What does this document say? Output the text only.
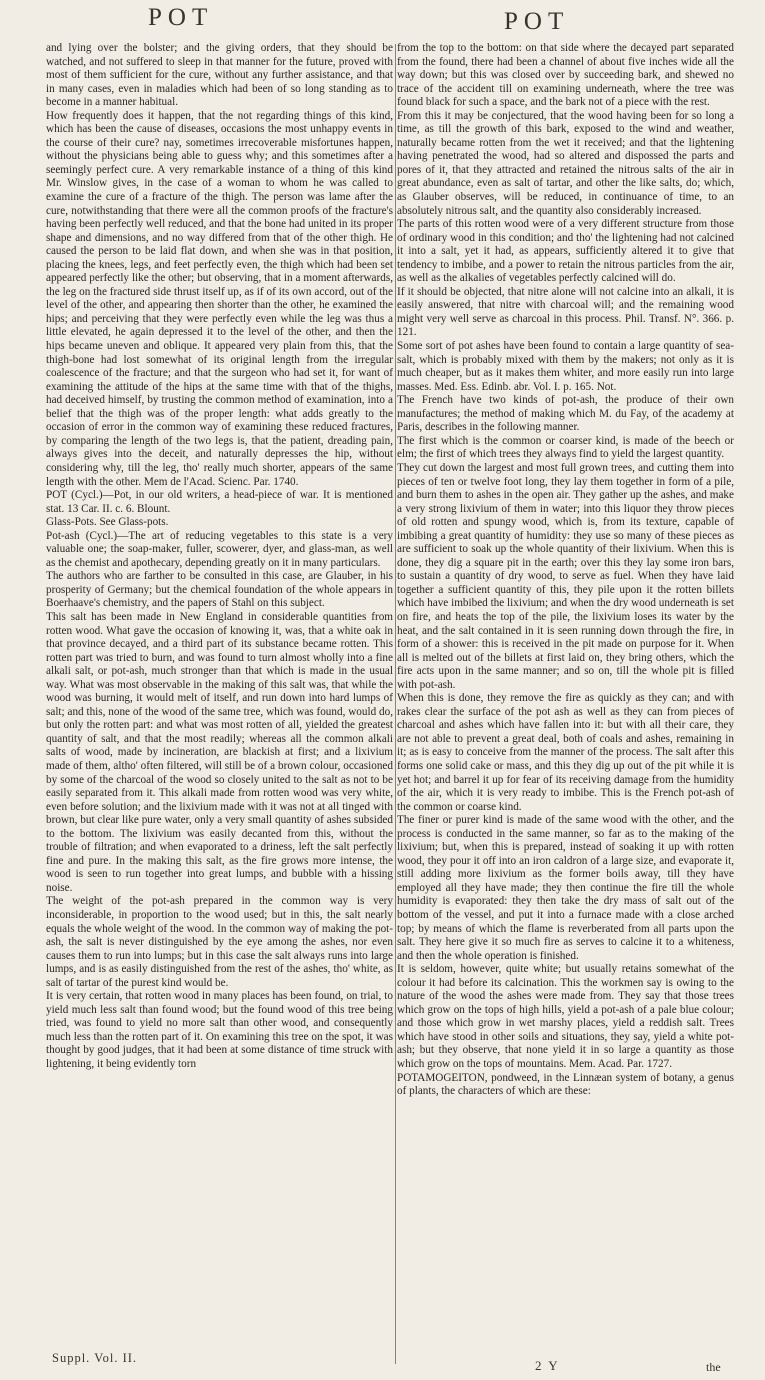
POT	POT

and lying over the bolster; and the giving orders, that they should be watched, and not suffered to sleep in that manner for the future, proved with most of them sufficient for the cure, without any further assistance, and that in many cases, even in maladies which had been of so long standing as to become in a manner habitual.

How frequently does it happen, that the not regarding things of this kind, which has been the cause of diseases, occasions the most unhappy events in the course of their cure? nay, sometimes irrecoverable misfortunes happen, without the physicians being able to guess why; and this sometimes after a seemingly perfect cure. A very remarkable instance of a thing of this kind Mr. Winslow gives, in the case of a woman to whom he was called to examine the cure of a fracture of the thigh. The person was lame after the cure, notwithstanding that there were all the common proofs of the fracture's having been perfectly well reduced, and that the bone had united in its proper shape and dimensions, and no way differed from that of the other thigh. He caused the person to be laid flat down, and when she was in that position, placing the knees, legs, and feet perfectly even, the thigh which had been set appeared perfectly like the other; but observing, that in a moment afterwards, the leg on the fractured side thrust itself up, as if of its own accord, out of the level of the other, and appearing then shorter than the other, he examined the hips; and perceiving that they were perfectly even while the leg was thus a little elevated, he again depressed it to the level of the other, and then the hips became uneven and oblique. It appeared very plain from this, that the thigh-bone had lost somewhat of its original length from the irregular coalescence of the fracture; and that the surgeon who had set it, for want of examining the attitude of the hips at the same time with that of the thighs, had deceived himself, by trusting the common method of examination, into a belief that the thigh was of the proper length: what adds greatly to the occasion of error in the common way of examining these reduced fractures, by comparing the length of the two legs is, that the patient, dreading pain, always gives into the deceit, and naturally depresses the hip, without considering why, till the leg, tho' really much shorter, appears of the same length with the other. Mem de l'Acad. Scienc. Par. 1740.

POT (Cycl.)—Pot, in our old writers, a head-piece of war. It is mentioned stat. 13 Car. II. c. 6. Blount.

Glass-Pots. See Glass-pots.

Pot-ash (Cycl.)—The art of reducing vegetables to this state is a very valuable one; the soap-maker, fuller, scowerer, dyer, and glass-man, as well as the chemist and apothecary, depending greatly on it in many particulars.

The authors who are farther to be consulted in this case, are Glauber, in his prosperity of Germany; but the chemical foundation of the whole appears in Boerhaave's chemistry, and the papers of Stahl on this subject.

This salt has been made in New England in considerable quantities from rotten wood. What gave the occasion of knowing it, was, that a white oak in that province decayed, and a third part of its substance became rotten. This rotten part was tried to burn, and was found to turn almost wholly into a fine alkali salt, or pot-ash, much stronger than that which is made in the usual way. What was most observable in the making of this salt was, that while the wood was burning, it would melt of itself, and run down into hard lumps of salt; and this, none of the wood of the same tree, which was found, would do, but only the rotten part: and what was most rotten of all, yielded the greatest quantity of salt, and that the most readily; whereas all the common alkali salts of wood, made by incineration, are blackish at first; and a lixivium made of them, altho' often filtered, will still be of a brown colour, occasioned by some of the charcoal of the wood so closely united to the salt as not to be easily separated from it. This alkali made from rotten wood was very white, even before solution; and the lixivium made with it was not at all tinged with brown, but clear like pure water, only a very small quantity of ashes subsided to the bottom. The lixivium was easily decanted from this, without the trouble of filtration; and when evaporated to a driness, left the salt perfectly fine and pure. In the making this salt, as the fire grows more intense, the wood is seen to run together into great lumps, and bubble with a hissing noise.

The weight of the pot-ash prepared in the common way is very inconsiderable, in proportion to the wood used; but in this, the salt nearly equals the whole weight of the wood. In the common way of making the pot-ash, the salt is never distinguished by the eye among the ashes, nor even causes them to run into lumps; but in this case the salt always runs into large lumps, and is as easily distinguished from the rest of the ashes, tho' white, as salt of tartar of the purest kind would be.

It is very certain, that rotten wood in many places has been found, on trial, to yield much less salt than found wood; but the found wood of this tree being tried, was found to yield no more salt than other wood, and consequently much less than the rotten part of it. On examining this tree on the spot, it was thought by good judges, that it had been at some distance of time struck with lightening, it being evidently torn

from the top to the bottom: on that side where the decayed part separated from the found, there had been a channel of about five inches wide all the way down; but this was closed over by succeeding bark, and shewed no trace of the accident till on examining underneath, where the tree was found black for such a space, and the bark not of a piece with the rest.

From this it may be conjectured, that the wood having been for so long a time, as till the growth of this bark, exposed to the wind and weather, naturally became rotten from the wet it received; and that the lightening having penetrated the wood, had so altered and dispossed the parts and pores of it, that they attracted and retained the nitrous salts of the air in great abundance, even as salt of tartar, and other the like salts, do; which, as Glauber observes, will be reduced, in continuance of time, to an absolutely nitrous salt, and the quantity also considerably increased.

The parts of this rotten wood were of a very different structure from those of ordinary wood in this condition; and tho' the lightening had not calcined it into a salt, yet it had, as appears, sufficiently altered it to give that tendency to imbibe, and a power to retain the nitrous particles from the air, as well as the alkalies of vegetables perfectly calcined will do.

If it should be objected, that nitre alone will not calcine into an alkali, it is easily answered, that nitre with charcoal will; and the remaining wood might very well serve as charcoal in this process. Phil. Transf. N°. 366. p. 121.

Some sort of pot ashes have been found to contain a large quantity of sea-salt, which is probably mixed with them by the makers; not only as it is much cheaper, but as it makes them whiter, and more easily run into large masses. Med. Ess. Edinb. abr. Vol. I. p. 165. Not.

The French have two kinds of pot-ash, the produce of their own manufactures; the method of making which M. du Fay, of the academy at Paris, describes in the following manner.

The first which is the common or coarser kind, is made of the beech or elm; the first of which trees they always find to yield the largest quantity.

They cut down the largest and most full grown trees, and cutting them into pieces of ten or twelve foot long, they lay them together in form of a pile, and burn them to ashes in the open air. They gather up the ashes, and make a very strong lixivium of them in water; into this liquor they throw pieces of old rotten and spungy wood, which is, from its texture, capable of imbibing a great quantity of humidity: they use so many of these pieces as are sufficient to soak up the whole quantity of their lixivium. When this is done, they dig a square pit in the earth; over this they lay some iron bars, to sustain a quantity of dry wood, to serve as fuel. When they have laid together a sufficient quantity of this, they pile upon it the rotten billets which have imbibed the lixivium; and when the dry wood underneath is set on fire, and heats the top of the pile, the lixivium loses its water by the heat, and the salt contained in it is seen running down through the fire, in form of a shower: this is received in the pit made on purpose for it. When all is melted out of the billets at first laid on, they bring others, which the fire acts upon in the same manner; and so on, till the whole pit is filled with pot-ash.

When this is done, they remove the fire as quickly as they can; and with rakes clear the surface of the pot ash as well as they can from pieces of charcoal and ashes which have fallen into it: but with all their care, they are not able to prevent a great deal, both of coals and ashes, remaining in it; as is easy to conceive from the manner of the process. The salt after this forms one solid cake or mass, and this they dig up out of the pit while it is yet hot; and barrel it up for fear of its receiving damage from the humidity of the air, which it is very ready to imbibe. This is the French pot-ash of the common or coarse kind.

The finer or purer kind is made of the same wood with the other, and the process is conducted in the same manner, so far as to the making of the lixivium; but, when this is prepared, instead of soaking it up with rotten wood, they pour it off into an iron caldron of a large size, and evaporate it, still adding more lixivium as the former boils away, till they have employed all they have made; they then continue the fire till the whole humidity is evaporated: they then take the dry mass of salt out of the bottom of the vessel, and put it into a furnace made with a close arched top; by means of which the flame is reverberated from all parts upon the salt. They here give it so much fire as serves to calcine it to a whiteness, and then the whole operation is finished.

It is seldom, however, quite white; but usually retains somewhat of the colour it had before its calcination. This the workmen say is owing to the nature of the wood the ashes were made from. They say that those trees which grow on the tops of high hills, yield a pot-ash of a pale blue colour; and those which grow in wet marshy places, yield a reddish salt. Trees which have stood in other soils and situations, they say, yield a white pot-ash; but they observe, that none yield it in so large a quantity as those which grow on the tops of mountains. Mem. Acad. Par. 1727.

POTAMOGEITON, pondweed, in the Linnæan system of botany, a genus of plants, the characters of which are these:

Suppl. Vol. II.	2 Y	the
